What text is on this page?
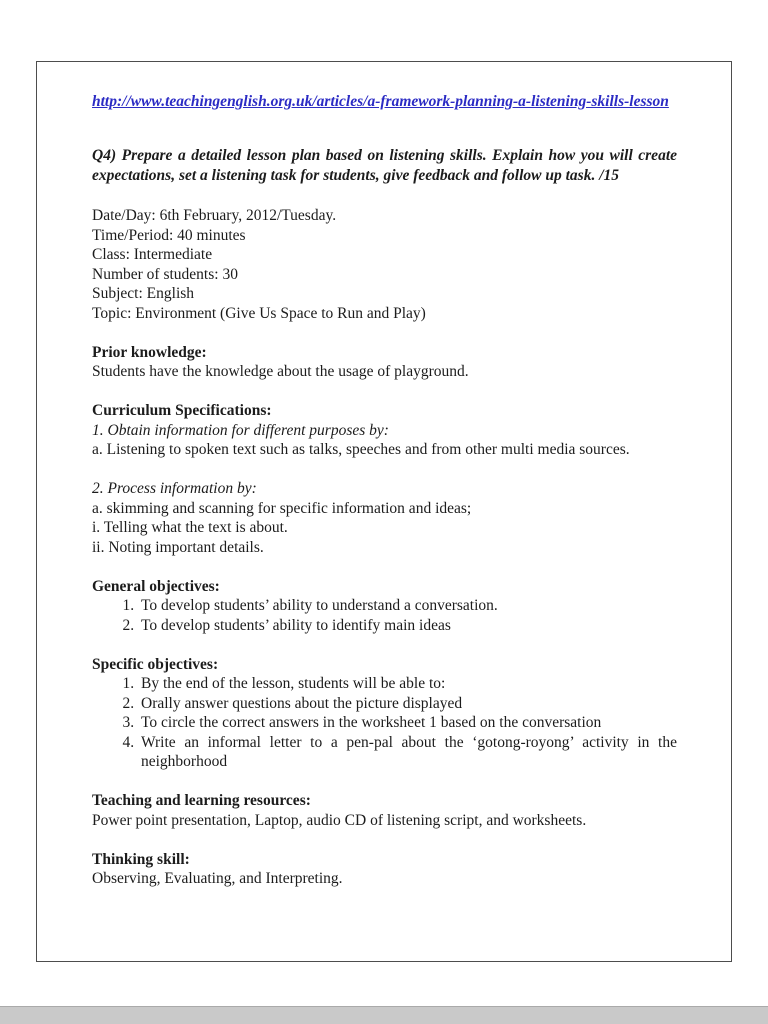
http://www.teachingenglish.org.uk/articles/a-framework-planning-a-listening-skills-lesson

Q4) Prepare a detailed lesson plan based on listening skills. Explain how you will create expectations, set a listening task for students, give feedback and follow up task. /15

Date/Day: 6th February, 2012/Tuesday.

Time/Period: 40 minutes

Class: Intermediate

Number of students: 30

Subject: English

Topic: Environment (Give Us Space to Run and Play)

Prior knowledge:

Students have the knowledge about the usage of playground.

Curriculum Specifications:

1. Obtain information for different purposes by:

a. Listening to spoken text such as talks, speeches and from other multi media sources.

2. Process information by:

a. skimming and scanning for specific information and ideas;

i. Telling what the text is about.

ii. Noting important details.

General objectives:

1. To develop students’ ability to understand a conversation.
2. To develop students’ ability to identify main ideas

Specific objectives:

1. By the end of the lesson, students will be able to:
2. Orally answer questions about the picture displayed
3. To circle the correct answers in the worksheet 1 based on the conversation
4. Write an informal letter to a pen-pal about the ‘gotong-royong’ activity in the neighborhood

Teaching and learning resources:

Power point presentation, Laptop, audio CD of listening script, and worksheets.

Thinking skill:

Observing, Evaluating, and Interpreting.
